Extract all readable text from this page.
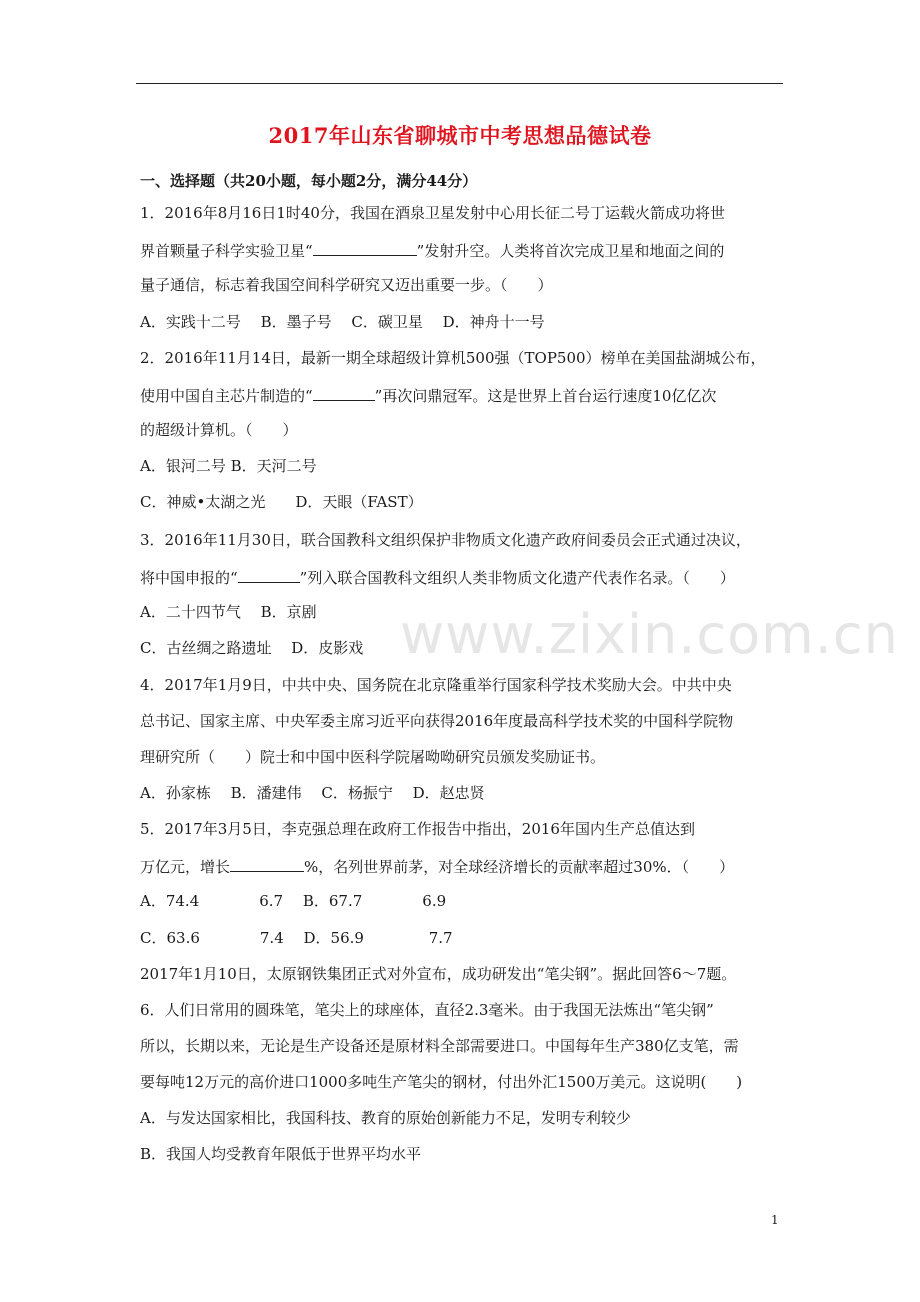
www.zixin.com.cn
2017年山东省聊城市中考思想品德试卷
一、选择题（共20小题，每小题2分，满分44分）
1．2016年8月16日1时40分，我国在酒泉卫星发射中心用长征二号丁运载火箭成功将世
界首颗量子科学实验卫星“	”发射升空。人类将首次完成卫星和地面之间的
量子通信，标志着我国空间科学研究又迈出重要一步。（　　）
A．实践十二号　 B．墨子号　 C．碳卫星　 D．神舟十一号
2．2016年11月14日，最新一期全球超级计算机500强（TOP500）榜单在美国盐湖城公布，
使用中国自主芯片制造的“	”再次问鼎冠军。这是世界上首台运行速度10亿亿次
的超级计算机。（　　）
A．银河二号 B．天河二号
C．神威•太湖之光　　D．天眼（FAST）
3．2016年11月30日，联合国教科文组织保护非物质文化遗产政府间委员会正式通过决议，
将中国申报的“	”列入联合国教科文组织人类非物质文化遗产代表作名录。（　　）
A．二十四节气　 B．京剧
C．古丝绸之路遗址　 D．皮影戏
4．2017年1月9日，中共中央、国务院在北京隆重举行国家科学技术奖励大会。中共中央
总书记、国家主席、中央军委主席习近平向获得2016年度最高科学技术奖的中国科学院物
理研究所（　　）院士和中国中医科学院屠呦呦研究员颁发奖励证书。
A．孙家栋　 B．潘建伟　 C．杨振宁　 D．赵忠贤
5．2017年3月5日，李克强总理在政府工作报告中指出，2016年国内生产总值达到
万亿元，增长	%，名列世界前茅，对全球经济增长的贡献率超过30%．（　　）
A．74.4　　　　6.7　 B．67.7　　　　6.9
C．63.6　　　　7.4　 D．56.9　　　　 7.7
2017年1月10日，太原钢铁集团正式对外宣布，成功研发出“笔尖钢”。据此回答6～7题。
6．人们日常用的圆珠笔，笔尖上的球座体，直径2.3毫米。由于我国无法炼出“笔尖钢”
所以，长期以来，无论是生产设备还是原材料全部需要进口。中国每年生产380亿支笔，需
要每吨12万元的高价进口1000多吨生产笔尖的钢材，付出外汇1500万美元。这说明(　　)
A．与发达国家相比，我国科技、教育的原始创新能力不足，发明专利较少
B．我国人均受教育年限低于世界平均水平
1
